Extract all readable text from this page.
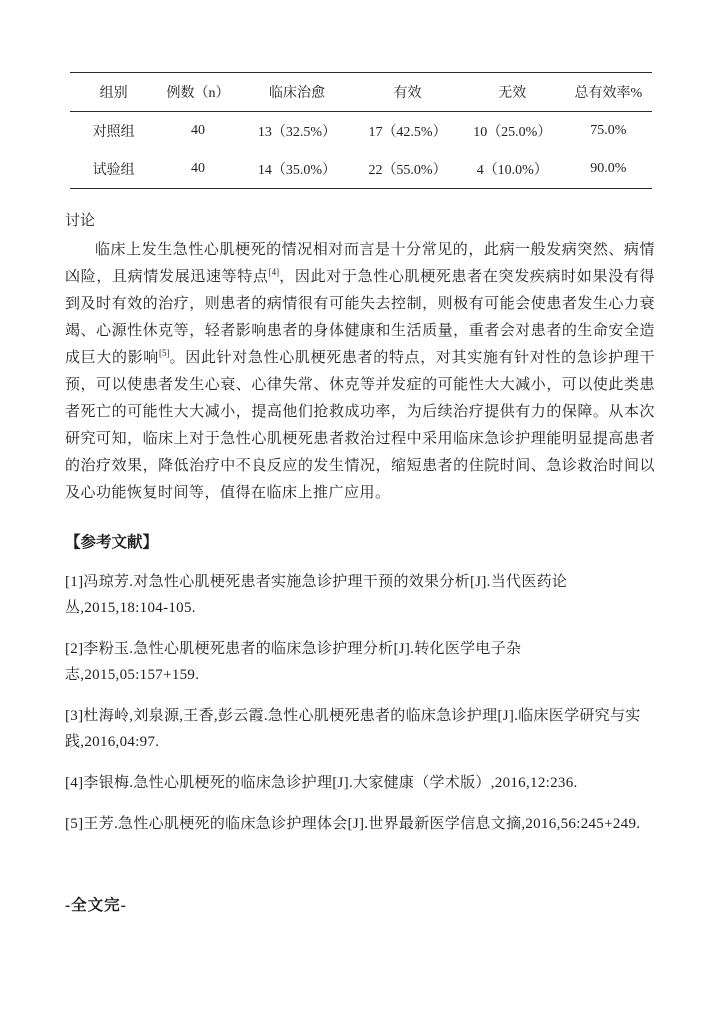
组别	例数（n）	临床治愈	有效	无效	总有效率%
对照组	40	13（32.5%）	17（42.5%）	10（25.0%）	75.0%
试验组	40	14（35.0%）	22（55.0%）	4（10.0%）	90.0%
讨论

临床上发生急性心肌梗死的情况相对而言是十分常见的，此病一般发病突然、病情凶险，且病情发展迅速等特点[4]，因此对于急性心肌梗死患者在突发疾病时如果没有得到及时有效的治疗，则患者的病情很有可能失去控制，则极有可能会使患者发生心力衰竭、心源性休克等，轻者影响患者的身体健康和生活质量，重者会对患者的生命安全造成巨大的影响[5]。因此针对急性心肌梗死患者的特点，对其实施有针对性的急诊护理干预，可以使患者发生心衰、心律失常、休克等并发症的可能性大大减小，可以使此类患者死亡的可能性大大减小，提高他们抢救成功率，为后续治疗提供有力的保障。从本次研究可知，临床上对于急性心肌梗死患者救治过程中采用临床急诊护理能明显提高患者的治疗效果，降低治疗中不良反应的发生情况，缩短患者的住院时间、急诊救治时间以及心功能恢复时间等，值得在临床上推广应用。

【参考文献】

[1]冯琼芳.对急性心肌梗死患者实施急诊护理干预的效果分析[J].当代医药论丛,2015,18:104-105.

[2]李粉玉.急性心肌梗死患者的临床急诊护理分析[J].转化医学电子杂志,2015,05:157+159.

[3]杜海岭,刘泉源,王香,彭云霞.急性心肌梗死患者的临床急诊护理[J].临床医学研究与实践,2016,04:97.

[4]李银梅.急性心肌梗死的临床急诊护理[J].大家健康（学术版）,2016,12:236.

[5]王芳.急性心肌梗死的临床急诊护理体会[J].世界最新医学信息文摘,2016,56:245+249.

-全文完-
